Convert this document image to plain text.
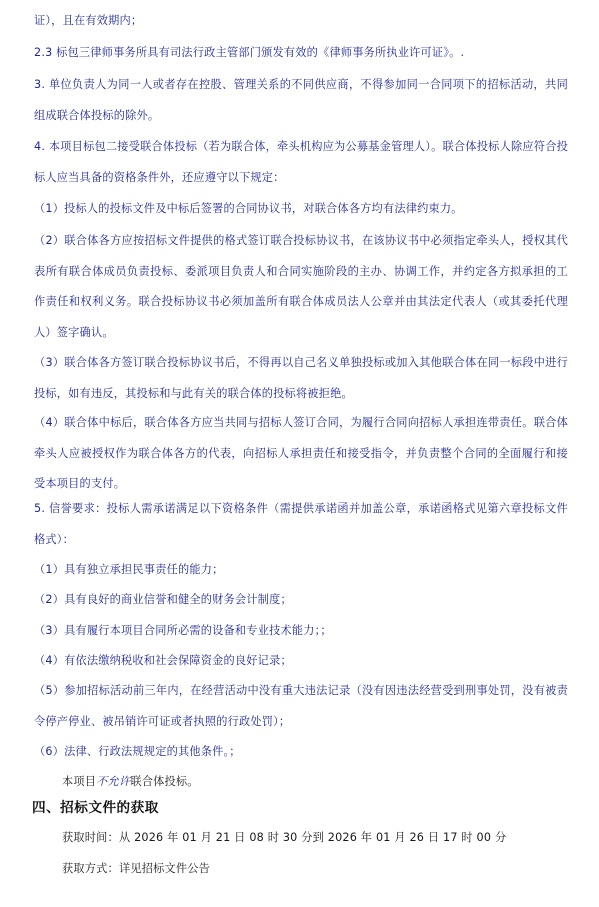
证），且在有效期内；

2.3 标包三律师事务所具有司法行政主管部门颁发有效的《律师事务所执业许可证》。.

3. 单位负责人为同一人或者存在控股、管理关系的不同供应商，不得参加同一合同项下的招标活动，共同组成联合体投标的除外。

4. 本项目标包二接受联合体投标（若为联合体，牵头机构应为公募基金管理人）。联合体投标人除应符合投标人应当具备的资格条件外，还应遵守以下规定：

（1）投标人的投标文件及中标后签署的合同协议书，对联合体各方均有法律约束力。

（2）联合体各方应按招标文件提供的格式签订联合投标协议书，在该协议书中必须指定牵头人，授权其代表所有联合体成员负责投标、委派项目负责人和合同实施阶段的主办、协调工作，并约定各方拟承担的工作责任和权利义务。联合投标协议书必须加盖所有联合体成员法人公章并由其法定代表人（或其委托代理人）签字确认。

（3）联合体各方签订联合投标协议书后，不得再以自己名义单独投标或加入其他联合体在同一标段中进行投标，如有违反，其投标和与此有关的联合体的投标将被拒绝。

（4）联合体中标后，联合体各方应当共同与招标人签订合同，为履行合同向招标人承担连带责任。联合体牵头人应被授权作为联合体各方的代表，向招标人承担责任和接受指令，并负责整个合同的全面履行和接受本项目的支付。

5. 信誉要求：投标人需承诺满足以下资格条件（需提供承诺函并加盖公章，承诺函格式见第六章投标文件格式）：

（1）具有独立承担民事责任的能力；

（2）具有良好的商业信誉和健全的财务会计制度；

（3）具有履行本项目合同所必需的设备和专业技术能力；；

（4）有依法缴纳税收和社会保障资金的良好记录；

（5）参加招标活动前三年内，在经营活动中没有重大违法记录（没有因违法经营受到刑事处罚，没有被责令停产停业、被吊销许可证或者执照的行政处罚）；

（6）法律、行政法规规定的其他条件。；

本项目不允许联合体投标。

四、招标文件的获取

获取时间：从 2026 年 01 月 21 日 08 时 30 分到 2026 年 01 月 26 日 17 时 00 分

获取方式：详见招标文件公告
